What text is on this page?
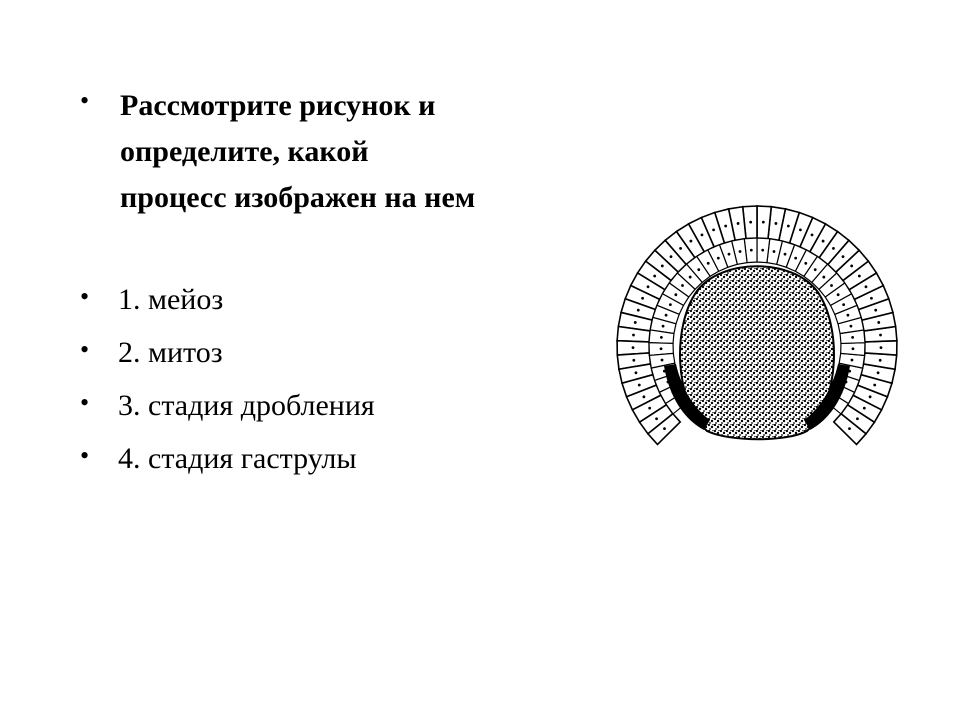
• Рассмотрите рисунок и
определите, какой
процесс изображен на нем
• 1. мейоз
• 2. митоз
• 3. стадия дробления
• 4. стадия гаструлы
